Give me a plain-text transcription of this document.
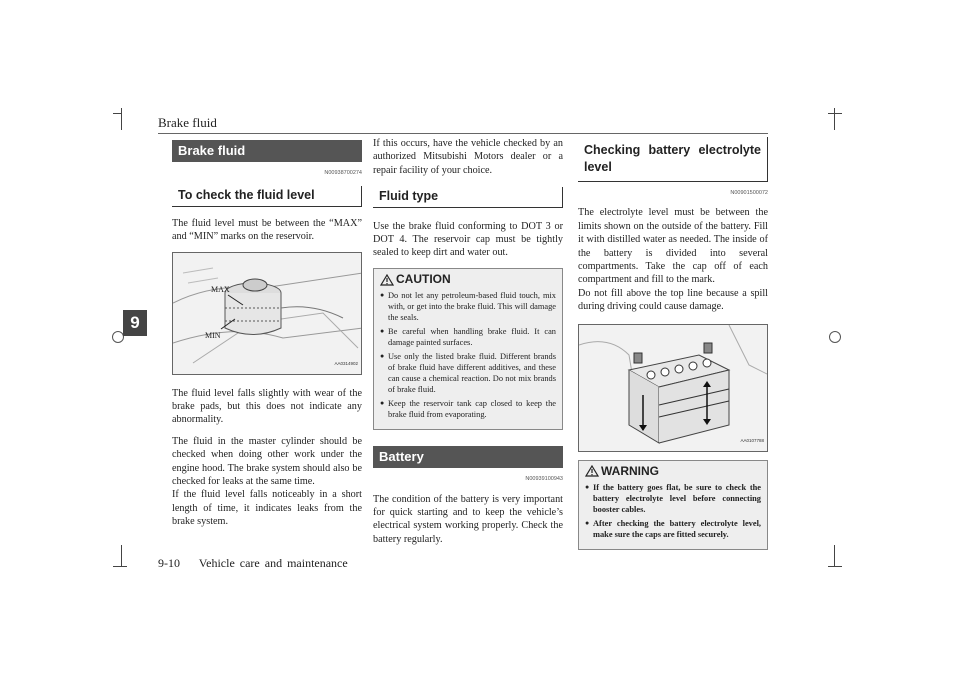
Brake fluid
9
Brake fluid
N00938700274
To check the fluid level

The fluid level must be between the “MAX” and “MIN” marks on the reservoir.

MAX
MIN
AA0314902

The fluid level falls slightly with wear of the brake pads, but this does not indicate any abnormality.

The fluid in the master cylinder should be checked when doing other work under the engine hood. The brake system should also be checked for leaks at the same time.

If the fluid level falls noticeably in a short length of time, it indicates leaks from the brake system.

If this occurs, have the vehicle checked by an authorized Mitsubishi Motors dealer or a repair facility of your choice.

Fluid type

Use the brake fluid conforming to DOT 3 or DOT 4. The reservoir cap must be tightly sealed to keep dirt and water out.

CAUTION
● Do not let any petroleum-based fluid touch, mix with, or get into the brake fluid. This will damage the seals.
● Be careful when handling brake fluid. It can damage painted surfaces.
● Use only the listed brake fluid. Different brands of brake fluid have different additives, and these can cause a chemical reaction. Do not mix brands of brake fluid.
● Keep the reservoir tank cap closed to keep the brake fluid from evaporating.
Battery
N00939100943

The condition of the battery is very important for quick starting and to keep the vehicle’s electrical system working properly. Check the battery regularly.

Checking battery electrolyte level
N00901500072

The electrolyte level must be between the limits shown on the outside of the battery. Fill it with distilled water as needed. The inside of the battery is divided into several compartments. Take the cap off of each compartment and fill to the mark.

Do not fill above the top line because a spill during driving could cause damage.

AA0107788
WARNING
● If the battery goes flat, be sure to check the battery electrolyte level before connecting booster cables.
● After checking the battery electrolyte level, make sure the caps are fitted securely.
9-10 Vehicle care and maintenance
